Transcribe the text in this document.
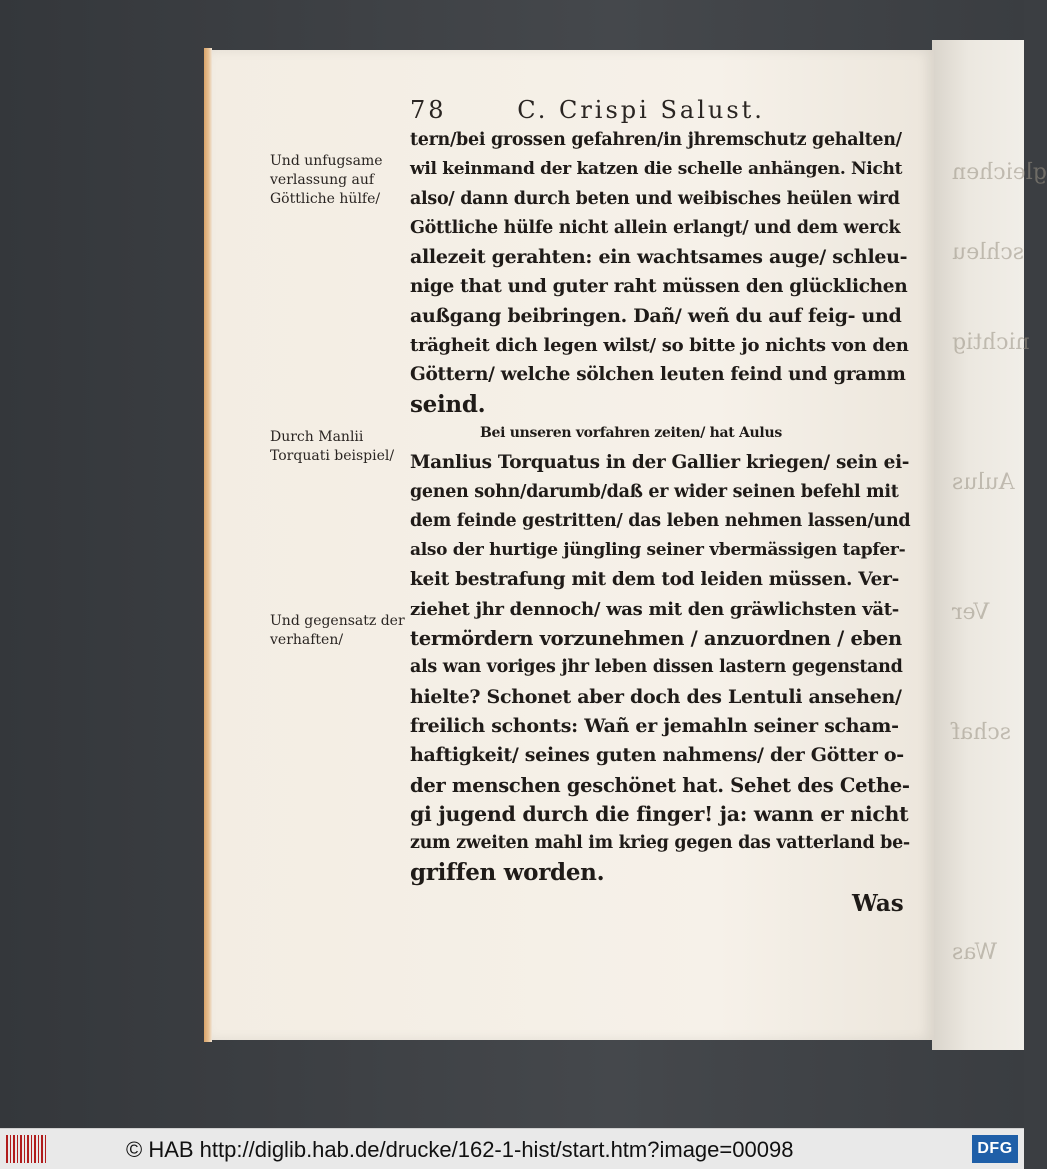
gleichen
schleu
nichtig
Aulus
Ver
schaf
Was
78	C. Crispi Salust.
Und unfugsame
verlassung auf
Göttliche hülfe/
Durch Manlii
Torquati beispiel/
Und gegensatz der
verhaften/
tern/bei grossen gefahren/in jhremschutz gehalten/
wil keinmand der katzen die schelle anhängen. Nicht
also/ dann durch beten und weibisches heülen wird
Göttliche hülfe nicht allein erlangt/ und dem werck
allezeit gerahten: ein wachtsames auge/ schleu-
nige that und guter raht müssen den glücklichen
außgang beibringen. Dañ/ weñ du auf feig- und
trägheit dich legen wilst/ so bitte jo nichts von den
Göttern/ welche sölchen leuten feind und gramm
seind.
Bei unseren vorfahren zeiten/ hat Aulus
Manlius Torquatus in der Gallier kriegen/ sein ei-
genen sohn/darumb/daß er wider seinen befehl mit
dem feinde gestritten/ das leben nehmen lassen/und
also der hurtige jüngling seiner vbermässigen tapfer-
keit bestrafung mit dem tod leiden müssen. Ver-
ziehet jhr dennoch/ was mit den gräwlichsten vät-
termördern vorzunehmen / anzuordnen / eben
als wan voriges jhr leben dissen lastern gegenstand
hielte? Schonet aber doch des Lentuli ansehen/
freilich schonts: Wañ er jemahln seiner scham-
haftigkeit/ seines guten nahmens/ der Götter o-
der menschen geschönet hat. Sehet des Cethe-
gi jugend durch die finger! ja: wann er nicht
zum zweiten mahl im krieg gegen das vatterland be-
griffen worden.
Was
© HAB http://diglib.hab.de/drucke/162-1-hist/start.htm?image=00098	DFG
